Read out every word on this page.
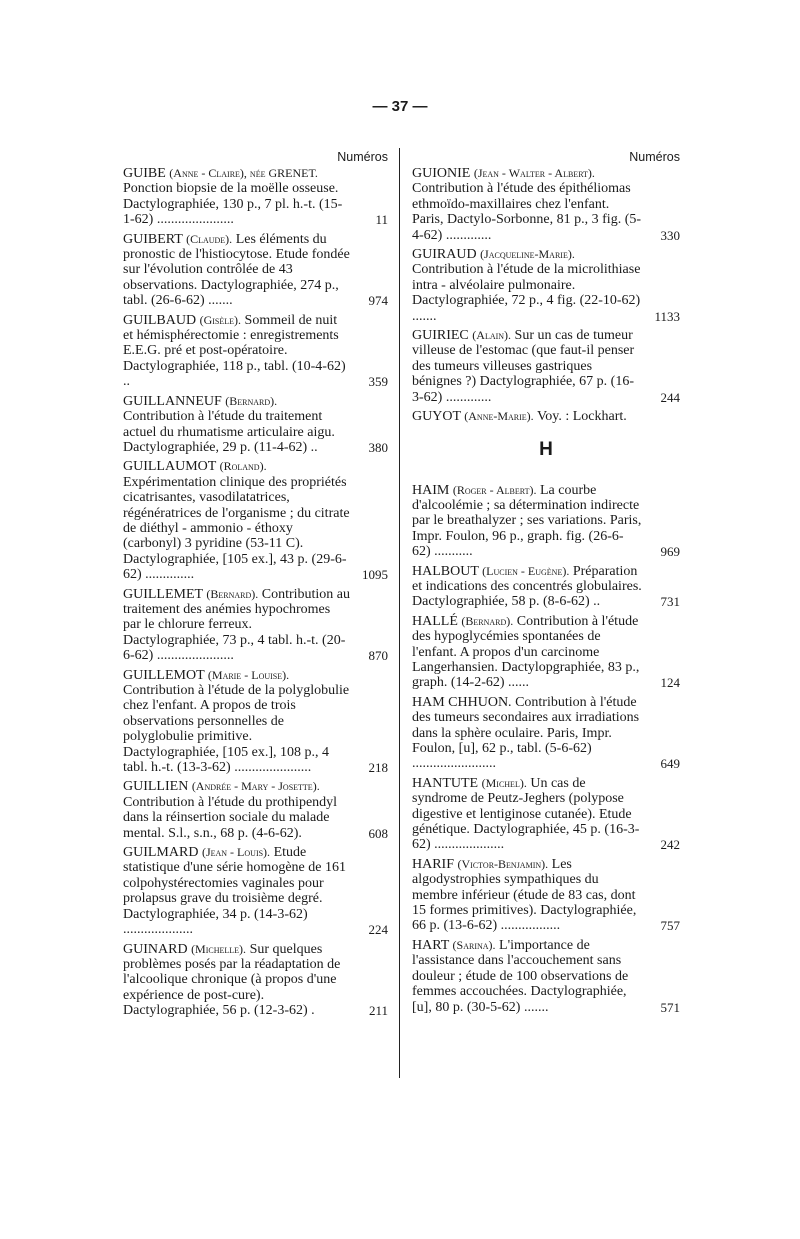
— 37 —
Numéros
GUIBE (Anne - Claire), née GRENET. Ponction biopsie de la moëlle osseuse. Dactylographiée, 130 p., 7 pl. h.-t. (15-1-62) ......................	11
GUIBERT (Claude). Les éléments du pronostic de l'histiocytose. Etude fondée sur l'évolution contrôlée de 43 observations. Dactylographiée, 274 p., tabl. (26-6-62) .......	974
GUILBAUD (Gisèle). Sommeil de nuit et hémisphérectomie : enregistrements E.E.G. pré et post-opératoire. Dactylographiée, 118 p., tabl. (10-4-62) ..	359
GUILLANNEUF (Bernard). Contribution à l'étude du traitement actuel du rhumatisme articulaire aigu. Dactylographiée, 29 p. (11-4-62) ..	380
GUILLAUMOT (Roland). Expérimentation clinique des propriétés cicatrisantes, vasodilatatrices, régénératrices de l'organisme ; du citrate de diéthyl - ammonio - éthoxy (carbonyl) 3 pyridine (53-11 C). Dactylographiée, [105 ex.], 43 p. (29-6-62) ..............	1095
GUILLEMET (Bernard). Contribution au traitement des anémies hypochromes par le chlorure ferreux. Dactylographiée, 73 p., 4 tabl. h.-t. (20-6-62) ......................	870
GUILLEMOT (Marie - Louise). Contribution à l'étude de la polyglobulie chez l'enfant. A propos de trois observations personnelles de polyglobulie primitive. Dactylographiée, [105 ex.], 108 p., 4 tabl. h.-t. (13-3-62) ......................	218
GUILLIEN (Andrée - Mary - Josette). Contribution à l'étude du prothipendyl dans la réinsertion sociale du malade mental. S.l., s.n., 68 p. (4-6-62).	608
GUILMARD (Jean - Louis). Etude statistique d'une série homogène de 161 colpohystérectomies vaginales pour prolapsus grave du troisième degré. Dactylographiée, 34 p. (14-3-62) ....................	224
GUINARD (Michelle). Sur quelques problèmes posés par la réadaptation de l'alcoolique chronique (à propos d'une expérience de post-cure). Dactylographiée, 56 p. (12-3-62) .	211
Numéros
GUIONIE (Jean - Walter - Albert). Contribution à l'étude des épithéliomas ethmoïdo-maxillaires chez l'enfant. Paris, Dactylo-Sorbonne, 81 p., 3 fig. (5-4-62) .............	330
GUIRAUD (Jacqueline-Marie). Contribution à l'étude de la microlithiase intra - alvéolaire pulmonaire. Dactylographiée, 72 p., 4 fig. (22-10-62) .......	1133
GUIRIEC (Alain). Sur un cas de tumeur villeuse de l'estomac (que faut-il penser des tumeurs villeuses gastriques bénignes ?) Dactylographiée, 67 p. (16-3-62) .............	244
GUYOT (Anne-Marie). Voy. : Lockhart.
H
HAIM (Roger - Albert). La courbe d'alcoolémie ; sa détermination indirecte par le breathalyzer ; ses variations. Paris, Impr. Foulon, 96 p., graph. fig. (26-6-62) ...........	969
HALBOUT (Lucien - Eugène). Préparation et indications des concentrés globulaires. Dactylographiée, 58 p. (8-6-62) ..	731
HALLÉ (Bernard). Contribution à l'étude des hypoglycémies spontanées de l'enfant. A propos d'un carcinome Langerhansien. Dactylopgraphiée, 83 p., graph. (14-2-62) ......	124
HAM CHHUON. Contribution à l'étude des tumeurs secondaires aux irradiations dans la sphère oculaire. Paris, Impr. Foulon, [u], 62 p., tabl. (5-6-62) ........................	649
HANTUTE (Michel). Un cas de syndrome de Peutz-Jeghers (polypose digestive et lentiginose cutanée). Etude génétique. Dactylographiée, 45 p. (16-3-62) ....................	242
HARIF (Victor-Benjamin). Les algodystrophies sympathiques du membre inférieur (étude de 83 cas, dont 15 formes primitives). Dactylographiée, 66 p. (13-6-62) .................	757
HART (Sarina). L'importance de l'assistance dans l'accouchement sans douleur ; étude de 100 observations de femmes accouchées. Dactylographiée, [u], 80 p. (30-5-62) .......	571
